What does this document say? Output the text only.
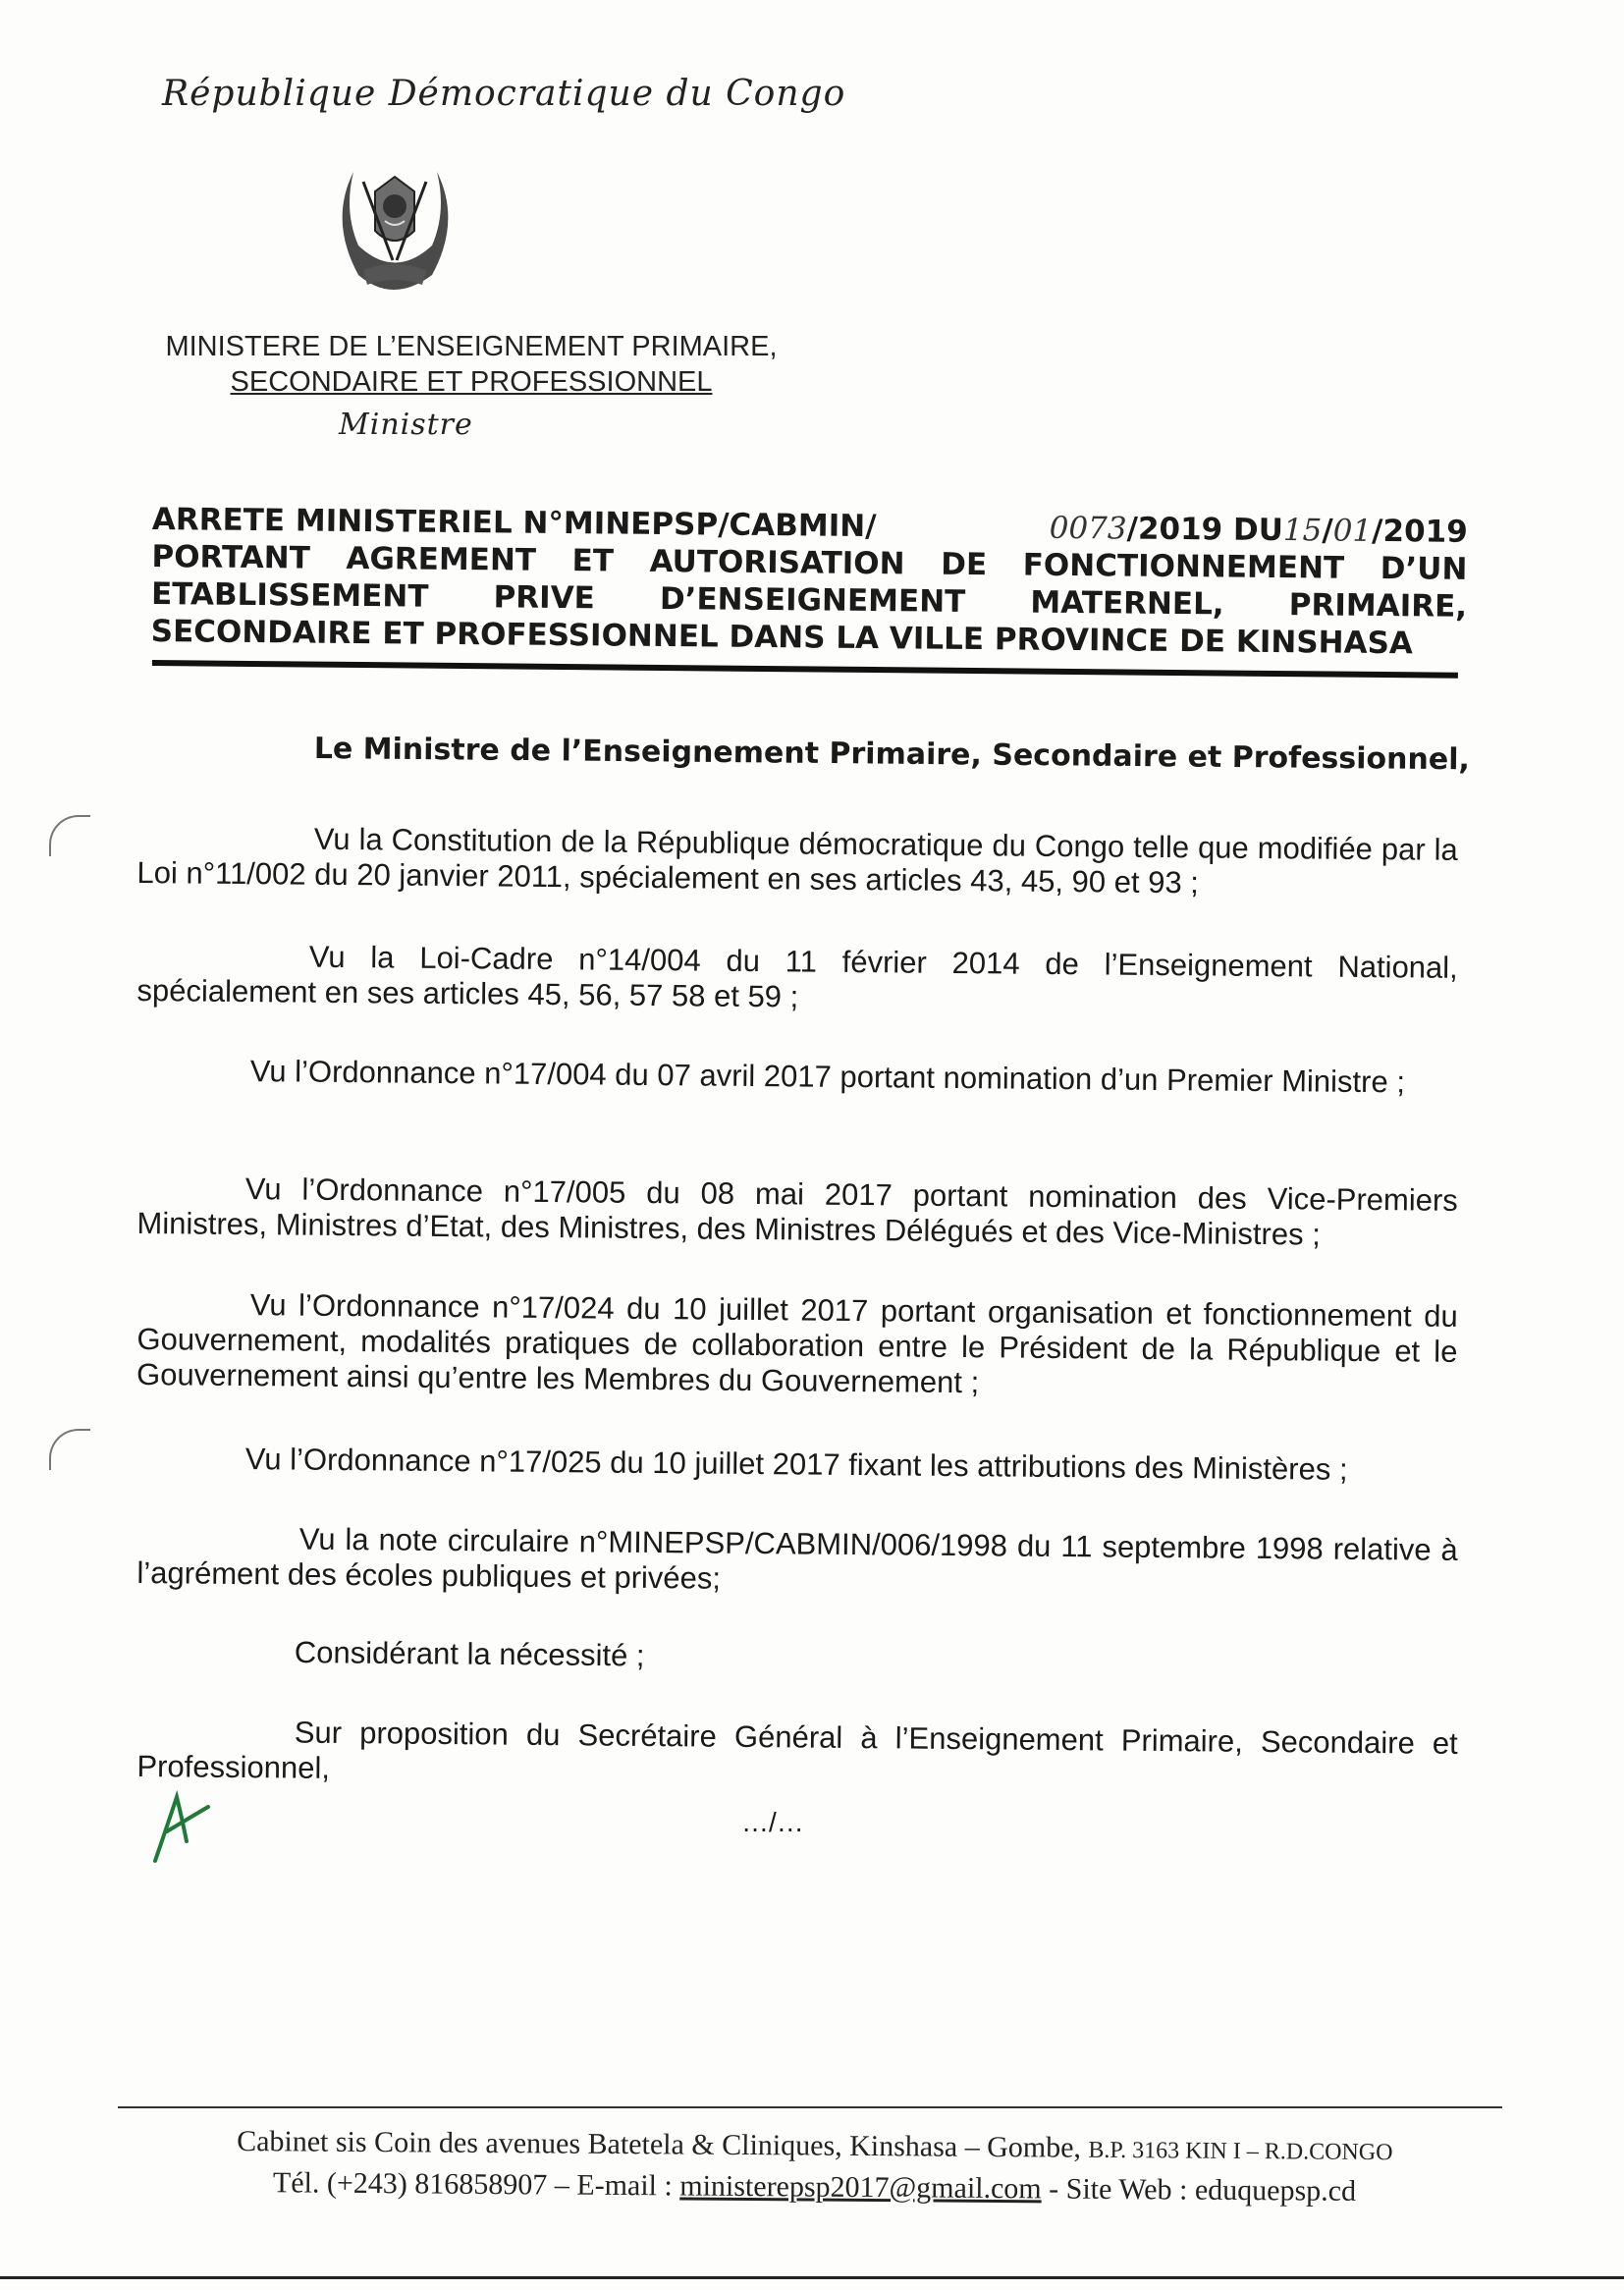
République Démocratique du Congo
MINISTERE DE L’ENSEIGNEMENT PRIMAIRE,
SECONDAIRE ET PROFESSIONNEL
Ministre
ARRETE MINISTERIEL N°MINEPSP/CABMIN/	0073/2019 DU15/01/2019
PORTANT AGREMENT ET AUTORISATION DE FONCTIONNEMENT D’UN ETABLISSEMENT PRIVE D’ENSEIGNEMENT MATERNEL, PRIMAIRE, SECONDAIRE ET PROFESSIONNEL DANS LA VILLE PROVINCE DE KINSHASA
Le Ministre de l’Enseignement Primaire, Secondaire et Professionnel,
Vu la Constitution de la République démocratique du Congo telle que modifiée par la Loi n°11/002 du 20 janvier 2011, spécialement en ses articles 43, 45, 90 et 93 ;
Vu la Loi-Cadre n°14/004 du 11 février 2014 de l’Enseignement National, spécialement en ses articles 45, 56, 57 58 et 59 ;
Vu l’Ordonnance n°17/004 du 07 avril 2017 portant nomination d’un Premier Ministre ;
Vu l’Ordonnance n°17/005 du 08 mai 2017 portant nomination des Vice-Premiers Ministres, Ministres d’Etat, des Ministres, des Ministres Délégués et des Vice-Ministres ;
Vu l’Ordonnance n°17/024 du 10 juillet 2017 portant organisation et fonctionnement du Gouvernement, modalités pratiques de collaboration entre le Président de la République et le Gouvernement ainsi qu’entre les Membres du Gouvernement ;
Vu l’Ordonnance n°17/025 du 10 juillet 2017 fixant les attributions des Ministères ;
Vu la note circulaire n°MINEPSP/CABMIN/006/1998 du 11 septembre 1998 relative à l’agrément des écoles publiques et privées;
Considérant la nécessité ;
Sur proposition du Secrétaire Général à l’Enseignement Primaire, Secondaire et Professionnel,
…/…
Cabinet sis Coin des avenues Batetela & Cliniques, Kinshasa – Gombe, B.P. 3163 KIN I – R.D.CONGO
Tél. (+243) 816858907 – E-mail : ministerepsp2017@gmail.com - Site Web : eduquepsp.cd
